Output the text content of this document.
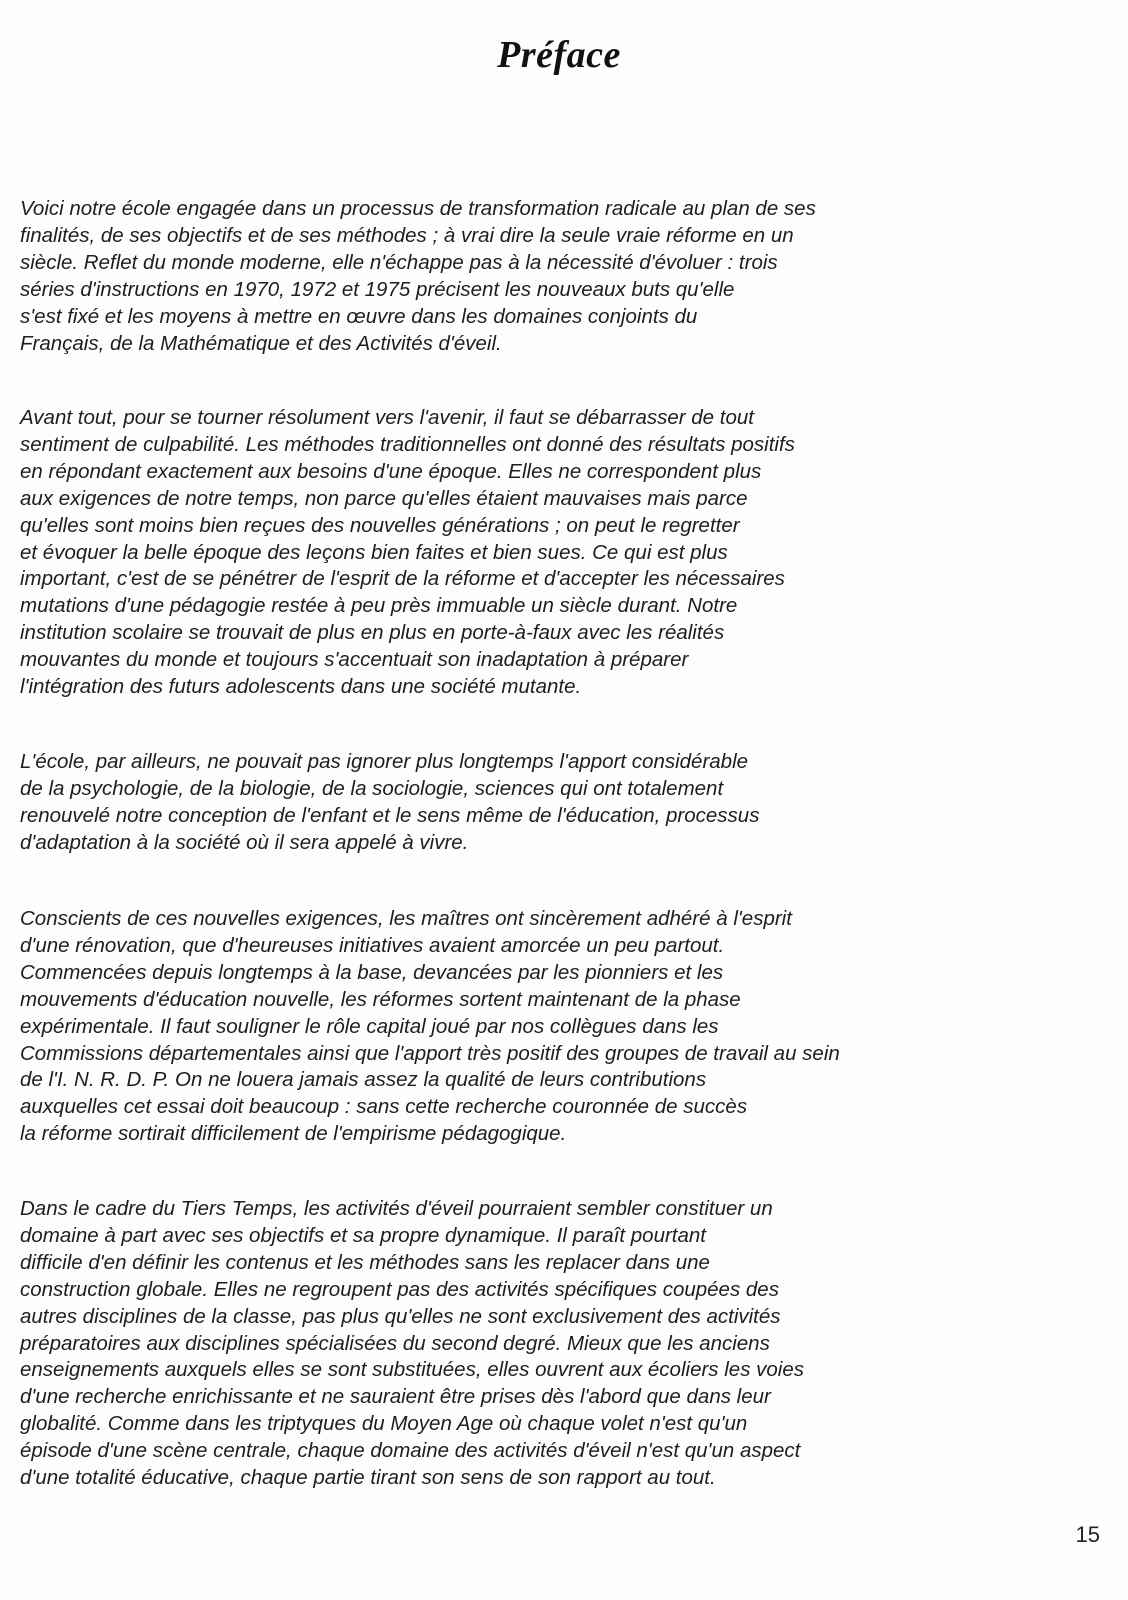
Préface

Voici notre école engagée dans un processus de transformation radicale au plan de ses
finalités, de ses objectifs et de ses méthodes ; à vrai dire la seule vraie réforme en un
siècle. Reflet du monde moderne, elle n'échappe pas à la nécessité d'évoluer : trois
séries d'instructions en 1970, 1972 et 1975 précisent les nouveaux buts qu'elle
s'est fixé et les moyens à mettre en œuvre dans les domaines conjoints du
Français, de la Mathématique et des Activités d'éveil.

Avant tout, pour se tourner résolument vers l'avenir, il faut se débarrasser de tout
sentiment de culpabilité. Les méthodes traditionnelles ont donné des résultats positifs
en répondant exactement aux besoins d'une époque. Elles ne correspondent plus
aux exigences de notre temps, non parce qu'elles étaient mauvaises mais parce
qu'elles sont moins bien reçues des nouvelles générations ; on peut le regretter
et évoquer la belle époque des leçons bien faites et bien sues. Ce qui est plus
important, c'est de se pénétrer de l'esprit de la réforme et d'accepter les nécessaires
mutations d'une pédagogie restée à peu près immuable un siècle durant. Notre
institution scolaire se trouvait de plus en plus en porte-à-faux avec les réalités
mouvantes du monde et toujours s'accentuait son inadaptation à préparer
l'intégration des futurs adolescents dans une société mutante.

L'école, par ailleurs, ne pouvait pas ignorer plus longtemps l'apport considérable
de la psychologie, de la biologie, de la sociologie, sciences qui ont totalement
renouvelé notre conception de l'enfant et le sens même de l'éducation, processus
d'adaptation à la société où il sera appelé à vivre.

Conscients de ces nouvelles exigences, les maîtres ont sincèrement adhéré à l'esprit
d'une rénovation, que d'heureuses initiatives avaient amorcée un peu partout.
Commencées depuis longtemps à la base, devancées par les pionniers et les
mouvements d'éducation nouvelle, les réformes sortent maintenant de la phase
expérimentale. Il faut souligner le rôle capital joué par nos collègues dans les
Commissions départementales ainsi que l'apport très positif des groupes de travail au sein
de l'I. N. R. D. P. On ne louera jamais assez la qualité de leurs contributions
auxquelles cet essai doit beaucoup : sans cette recherche couronnée de succès
la réforme sortirait difficilement de l'empirisme pédagogique.

Dans le cadre du Tiers Temps, les activités d'éveil pourraient sembler constituer un
domaine à part avec ses objectifs et sa propre dynamique. Il paraît pourtant
difficile d'en définir les contenus et les méthodes sans les replacer dans une
construction globale. Elles ne regroupent pas des activités spécifiques coupées des
autres disciplines de la classe, pas plus qu'elles ne sont exclusivement des activités
préparatoires aux disciplines spécialisées du second degré. Mieux que les anciens
enseignements auxquels elles se sont substituées, elles ouvrent aux écoliers les voies
d'une recherche enrichissante et ne sauraient être prises dès l'abord que dans leur
globalité. Comme dans les triptyques du Moyen Age où chaque volet n'est qu'un
épisode d'une scène centrale, chaque domaine des activités d'éveil n'est qu'un aspect
d'une totalité éducative, chaque partie tirant son sens de son rapport au tout.

15
